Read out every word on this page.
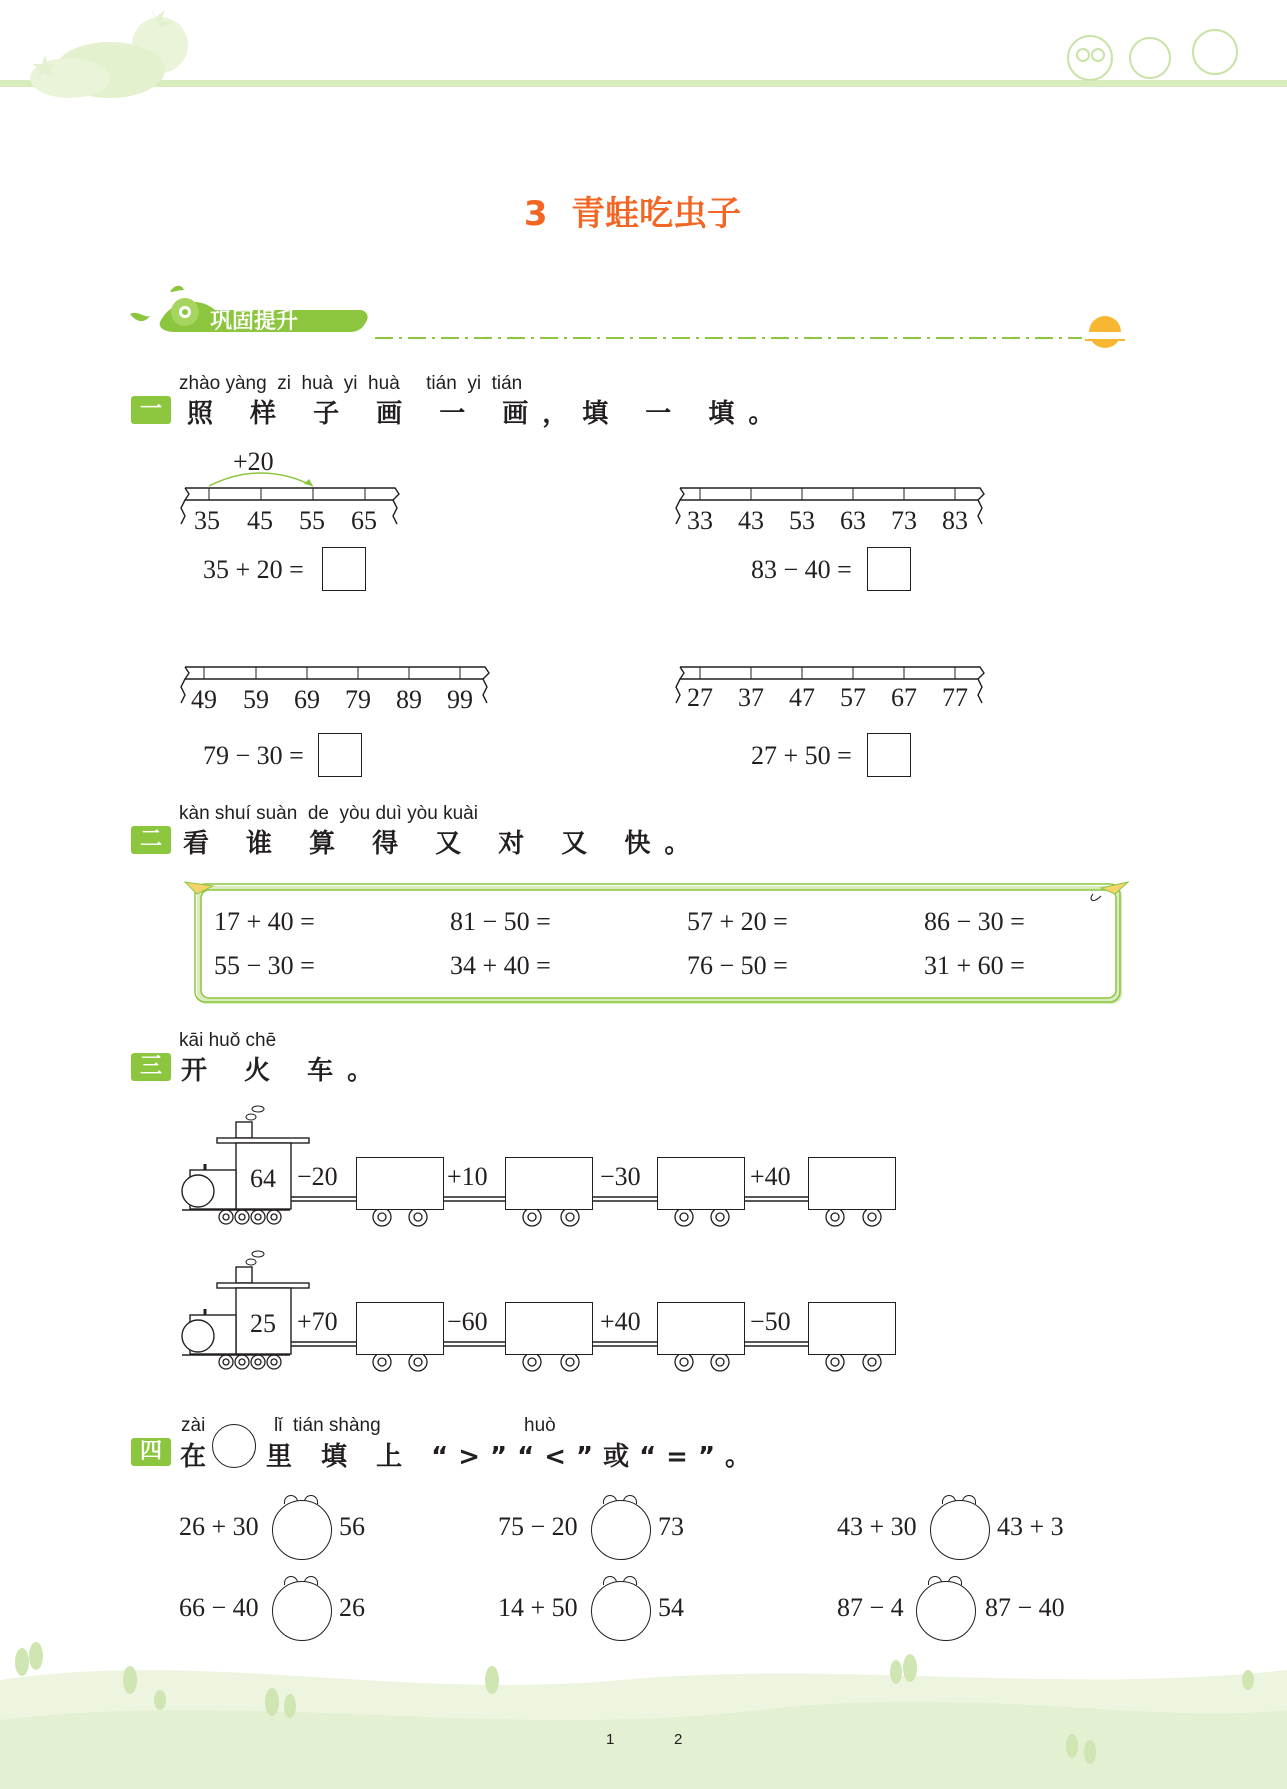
3  青蛙吃虫子
巩固提升
zhào yàng  zi  huà  yi  huà     tián  yi  tián
一 照 样 子 画 一 画，填 一 填。
35 45 55 65
+20
35 + 20 =
33 43 53 63 73 83
83 − 40 =
49 59 69 79 89 99
79 − 30 =
27 37 47 57 67 77
27 + 50 =
kàn shuí suàn  de  yòu duì yòu kuài
二 看 谁 算 得 又 对 又 快。
17 + 40 =	81 − 50 =	57 + 20 =	86 − 30 =
55 − 30 =	34 + 40 =	76 − 50 =	31 + 60 =
kāi huǒ chē
三 开 火 车。
64 −20	+10	−30	+40
25 +70	−60	+40	−50
zài	lǐ  tián shàng	huò
四 在 里 填 上 “>”“<”或“=”。
26 + 30	56	75 − 20	73	43 + 30	43 + 3
66 − 40	26	14 + 50	54	87 − 4	87 − 40
1	2
